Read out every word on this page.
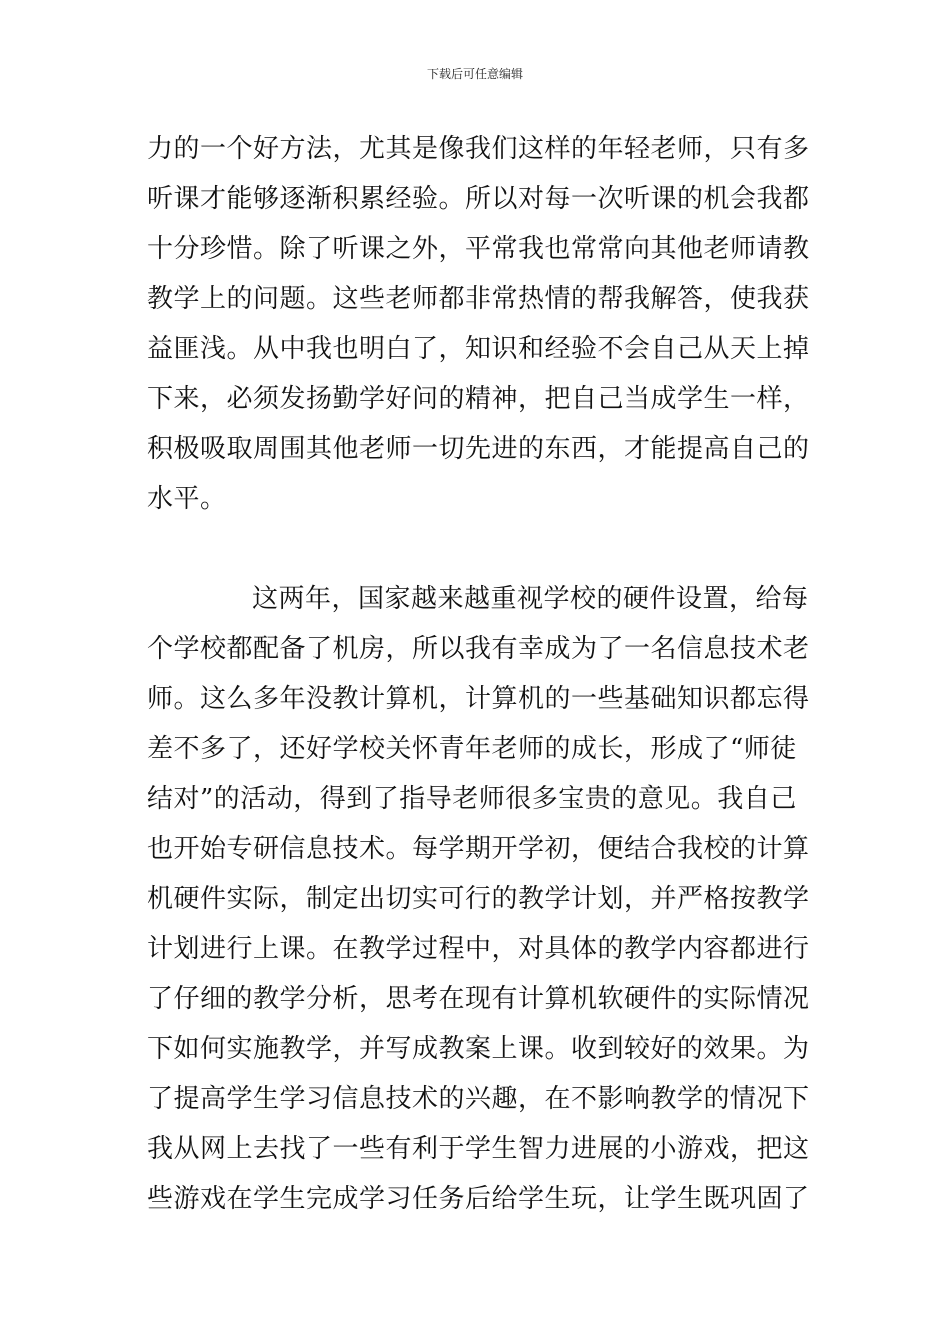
下载后可任意编辑
力的一个好方法，尤其是像我们这样的年轻老师，只有多
听课才能够逐渐积累经验。所以对每一次听课的机会我都
十分珍惜。除了听课之外，平常我也常常向其他老师请教
教学上的问题。这些老师都非常热情的帮我解答，使我获
益匪浅。从中我也明白了，知识和经验不会自己从天上掉
下来，必须发扬勤学好问的精神，把自己当成学生一样，
积极吸取周围其他老师一切先进的东西，才能提高自己的
水平。
这两年，国家越来越重视学校的硬件设置，给每
个学校都配备了机房，所以我有幸成为了一名信息技术老
师。这么多年没教计算机，计算机的一些基础知识都忘得
差不多了，还好学校关怀青年老师的成长，形成了“师徒
结对”的活动，得到了指导老师很多宝贵的意见。我自己
也开始专研信息技术。每学期开学初，便结合我校的计算
机硬件实际，制定出切实可行的教学计划，并严格按教学
计划进行上课。在教学过程中，对具体的教学内容都进行
了仔细的教学分析，思考在现有计算机软硬件的实际情况
下如何实施教学，并写成教案上课。收到较好的效果。为
了提高学生学习信息技术的兴趣，在不影响教学的情况下
我从网上去找了一些有利于学生智力进展的小游戏，把这
些游戏在学生完成学习任务后给学生玩，让学生既巩固了
